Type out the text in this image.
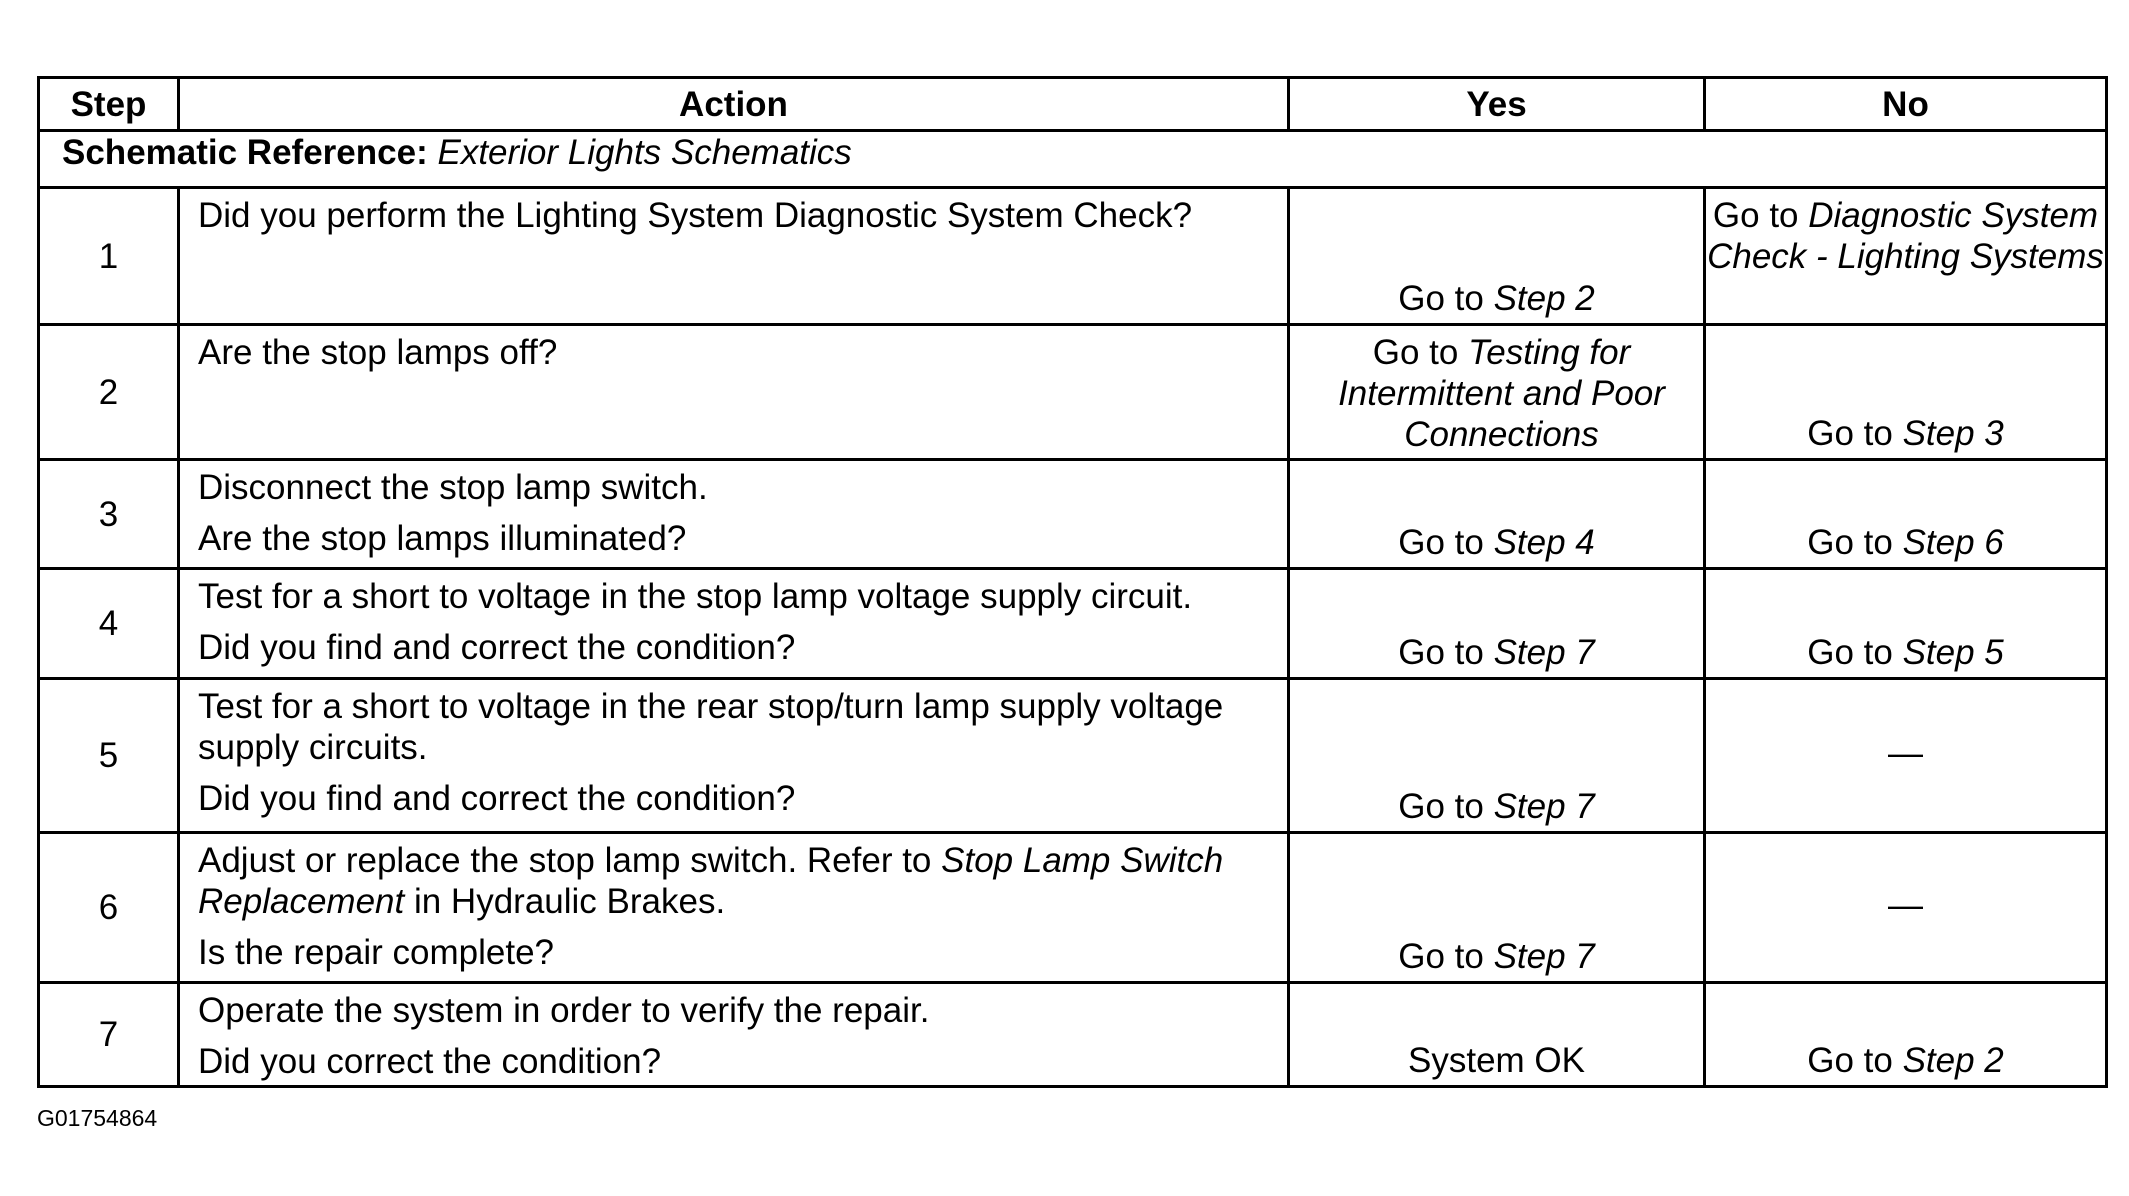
Step	Action	Yes	No
Schematic Reference: Exterior Lights Schematics			
1	Did you perform the Lighting System Diagnostic System Check?	Go to Step 2	Go to Diagnostic System Check - Lighting Systems
2	Are the stop lamps off?	Go to Testing for Intermittent and Poor Connections	Go to Step 3
3	Disconnect the stop lamp switch.

Are the stop lamps illuminated?	Go to Step 4	Go to Step 6
4	Test for a short to voltage in the stop lamp voltage supply circuit.

Did you find and correct the condition?	Go to Step 7	Go to Step 5
5	Test for a short to voltage in the rear stop/turn lamp supply voltage supply circuits.

Did you find and correct the condition?	Go to Step 7	—
6	Adjust or replace the stop lamp switch. Refer to Stop Lamp Switch Replacement in Hydraulic Brakes.

Is the repair complete?	Go to Step 7	—
7	Operate the system in order to verify the repair.

Did you correct the condition?	System OK	Go to Step 2
G01754864
